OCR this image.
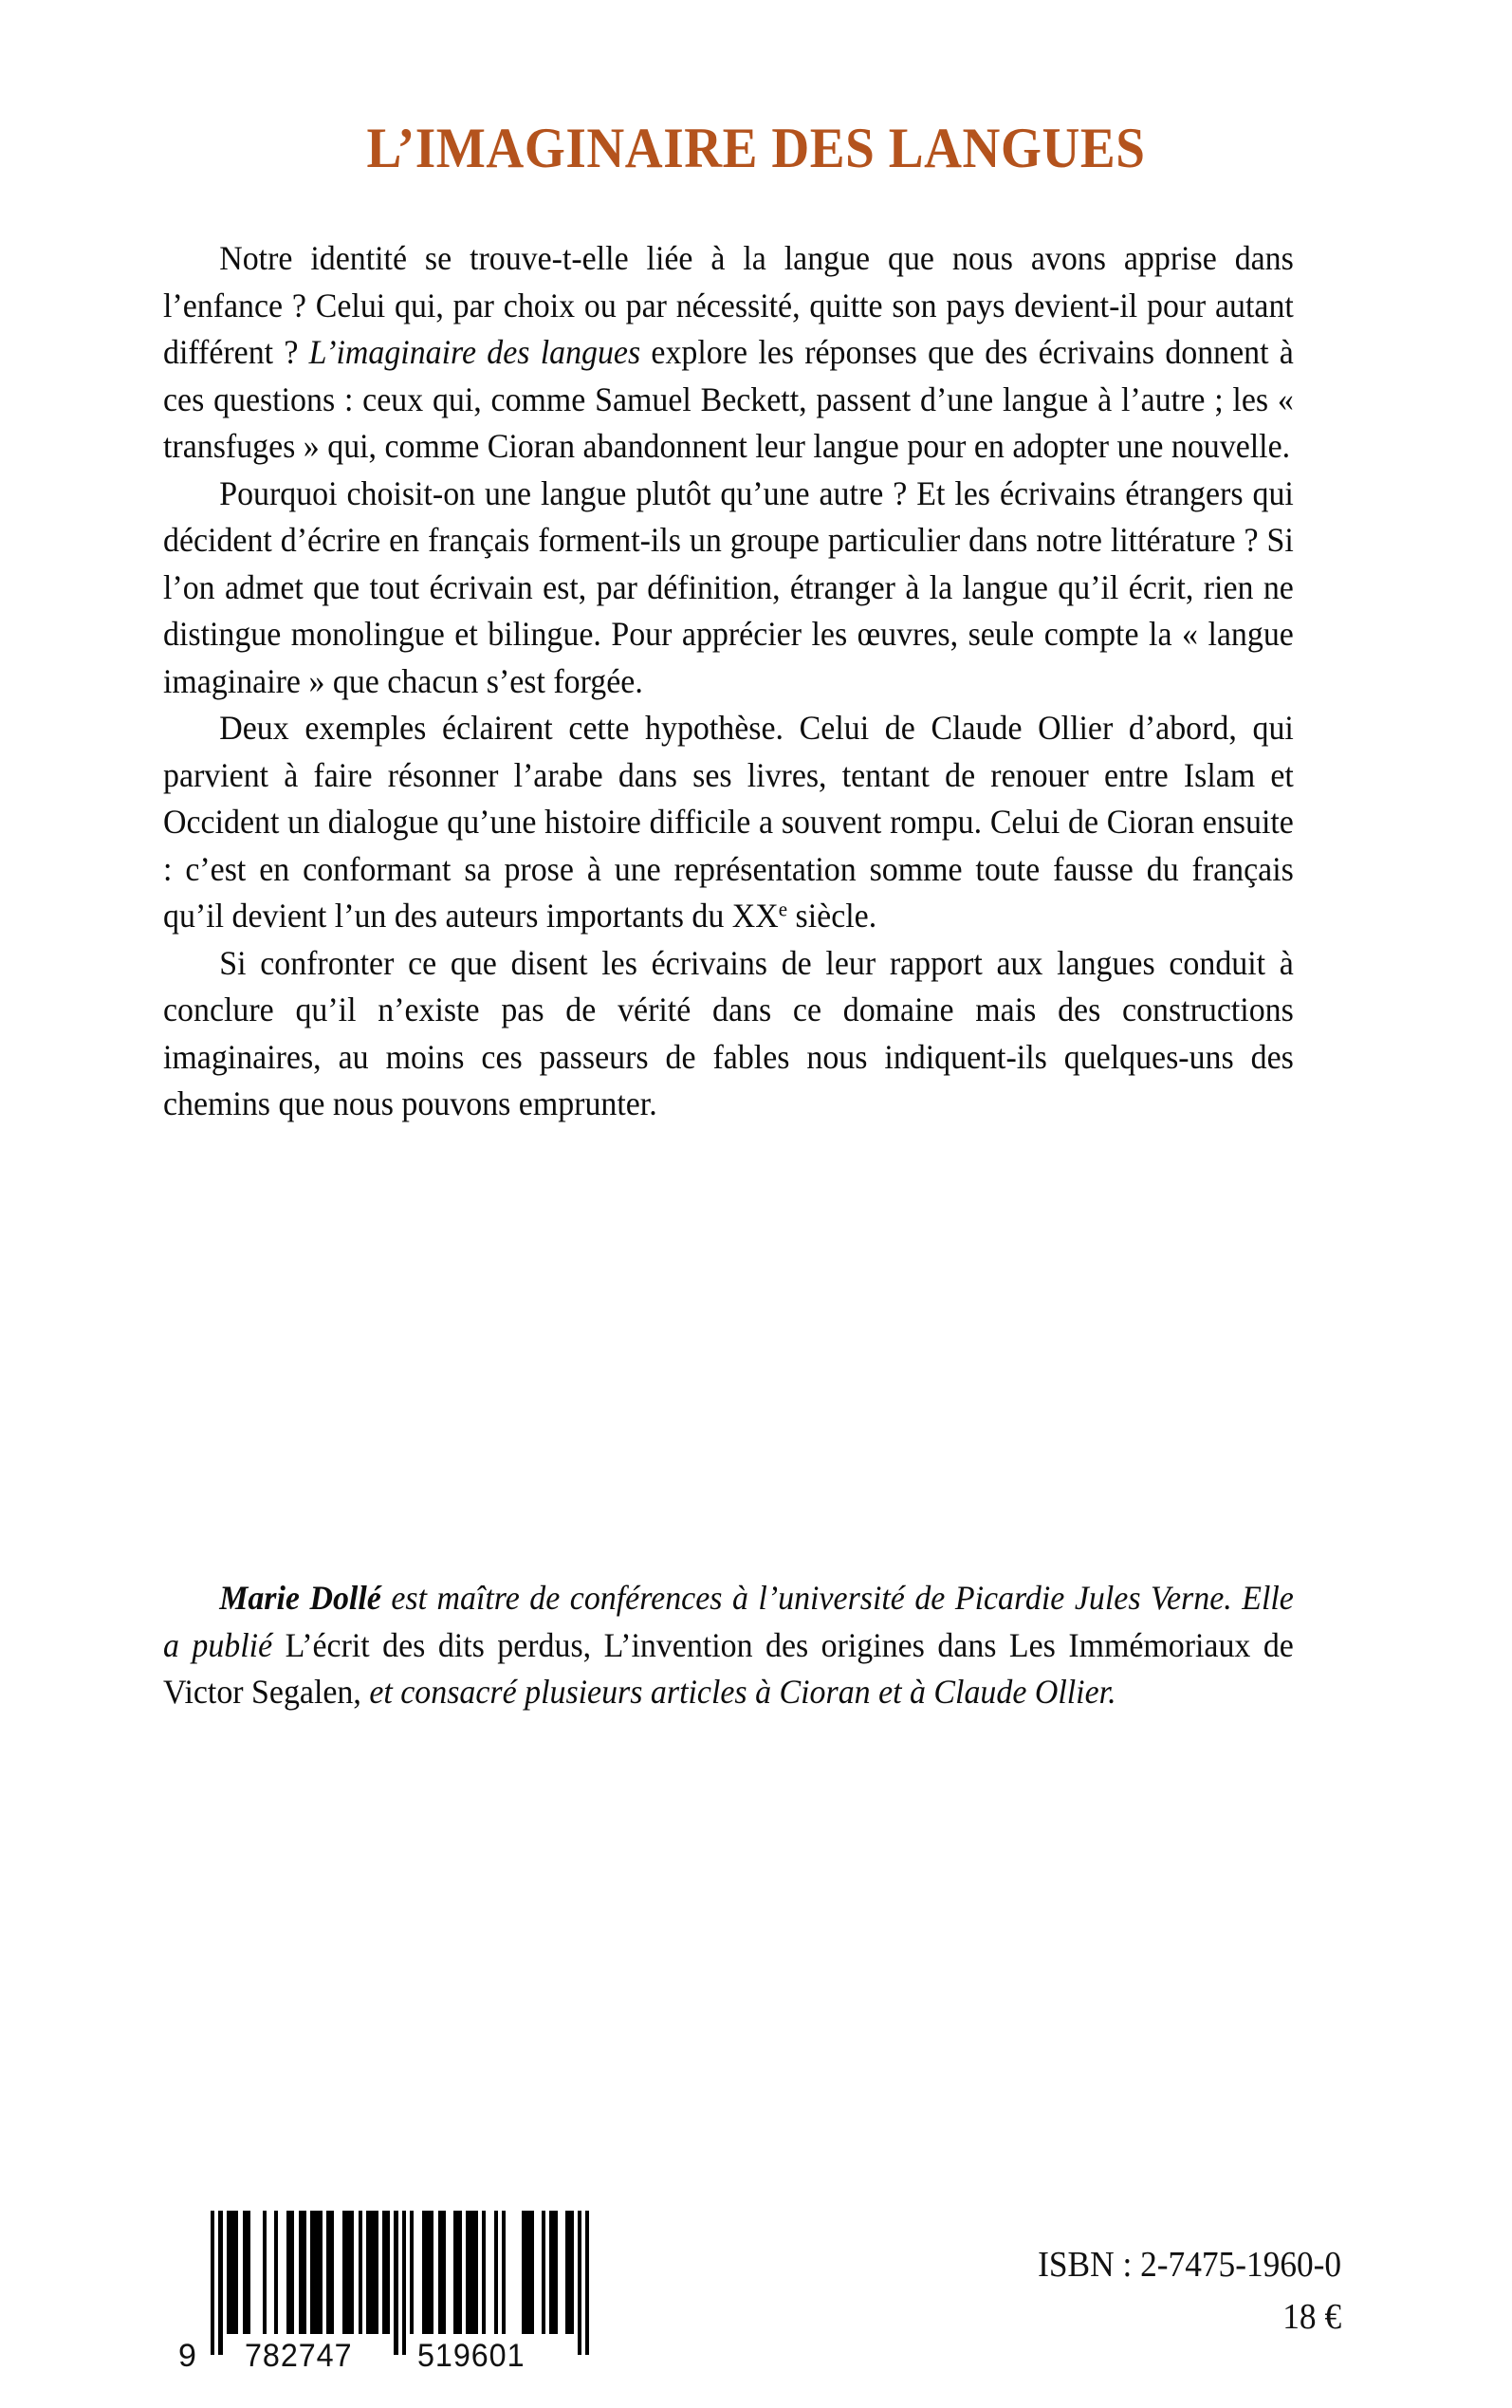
L’IMAGINAIRE DES LANGUES

Notre identité se trouve-t-elle liée à la langue que nous avons apprise dans l’enfance ? Celui qui, par choix ou par nécessité, quitte son pays devient-il pour autant différent ? L’imaginaire des langues explore les réponses que des écrivains donnent à ces questions : ceux qui, comme Samuel Beckett, passent d’une langue à l’autre ; les « transfuges » qui, comme Cioran abandonnent leur langue pour en adopter une nouvelle.

Pourquoi choisit-on une langue plutôt qu’une autre ? Et les écrivains étrangers qui décident d’écrire en français forment-ils un groupe particulier dans notre littérature ? Si l’on admet que tout écrivain est, par définition, étranger à la langue qu’il écrit, rien ne distingue monolingue et bilingue. Pour apprécier les œuvres, seule compte la « langue imaginaire » que chacun s’est forgée.

Deux exemples éclairent cette hypothèse. Celui de Claude Ollier d’abord, qui parvient à faire résonner l’arabe dans ses livres, tentant de renouer entre Islam et Occident un dialogue qu’une histoire difficile a souvent rompu. Celui de Cioran ensuite : c’est en conformant sa prose à une représentation somme toute fausse du français qu’il devient l’un des auteurs importants du XXe siècle.

Si confronter ce que disent les écrivains de leur rapport aux langues conduit à conclure qu’il n’existe pas de vérité dans ce domaine mais des constructions imaginaires, au moins ces passeurs de fables nous indiquent-ils quelques-uns des chemins que nous pouvons emprunter.

Marie Dollé est maître de conférences à l’université de Picardie Jules Verne. Elle a publié L’écrit des dits perdus, L’invention des origines dans Les Immémoriaux de Victor Segalen, et consacré plusieurs articles à Cioran et à Claude Ollier.

9 782747 519601
ISBN : 2-7475-1960-0
18 €
